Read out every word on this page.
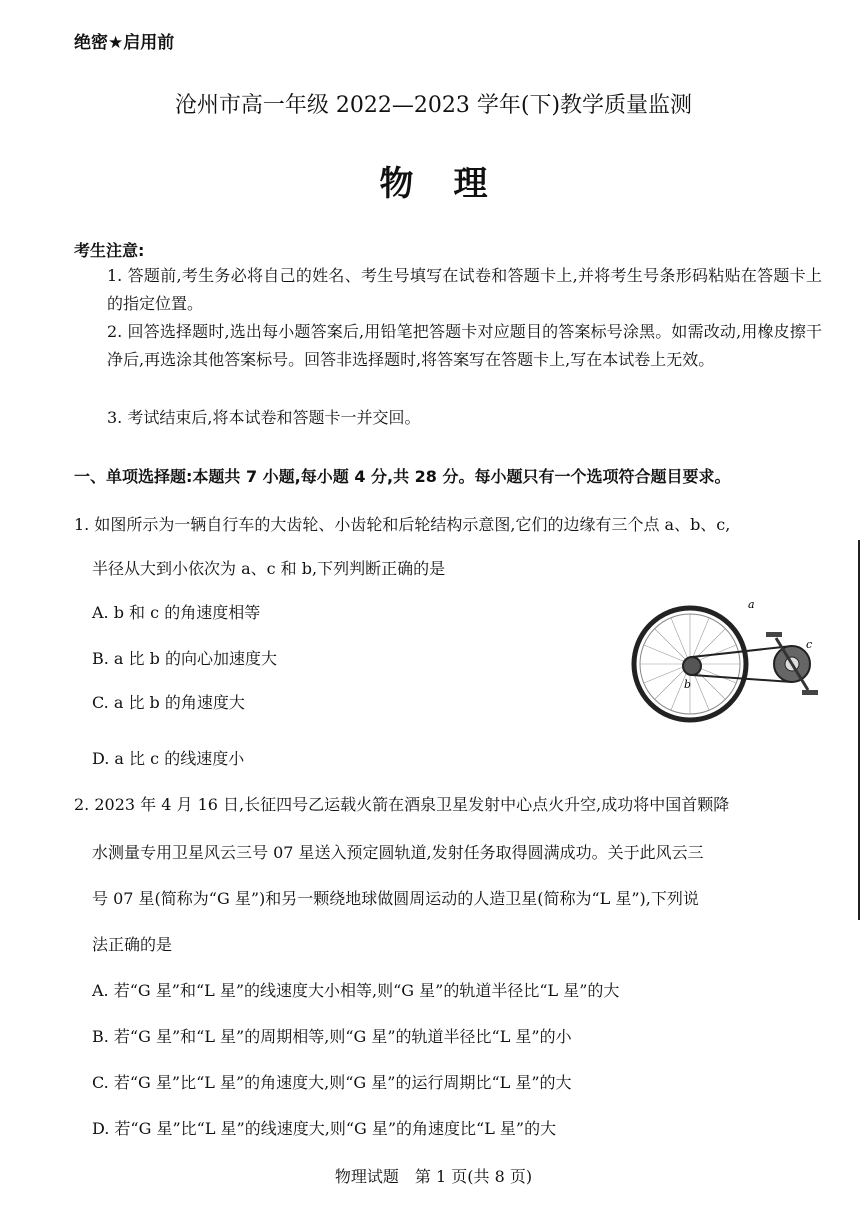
绝密★启用前
沧州市高一年级 2022—2023 学年(下)教学质量监测
物理
考生注意:
1. 答题前,考生务必将自己的姓名、考生号填写在试卷和答题卡上,并将考生号条形码粘贴在答题卡上的指定位置。
2. 回答选择题时,选出每小题答案后,用铅笔把答题卡对应题目的答案标号涂黑。如需改动,用橡皮擦干净后,再选涂其他答案标号。回答非选择题时,将答案写在答题卡上,写在本试卷上无效。
3. 考试结束后,将本试卷和答题卡一并交回。
一、单项选择题:本题共 7 小题,每小题 4 分,共 28 分。每小题只有一个选项符合题目要求。
1. 如图所示为一辆自行车的大齿轮、小齿轮和后轮结构示意图,它们的边缘有三个点 a、b、c,
半径从大到小依次为 a、c 和 b,下列判断正确的是
A. b 和 c 的角速度相等
B. a 比 b 的向心加速度大
C. a 比 b 的角速度大
D. a 比 c 的线速度小
a
b
c
2. 2023 年 4 月 16 日,长征四号乙运载火箭在酒泉卫星发射中心点火升空,成功将中国首颗降
水测量专用卫星风云三号 07 星送入预定圆轨道,发射任务取得圆满成功。关于此风云三
号 07 星(简称为“G 星”)和另一颗绕地球做圆周运动的人造卫星(简称为“L 星”),下列说
法正确的是
A. 若“G 星”和“L 星”的线速度大小相等,则“G 星”的轨道半径比“L 星”的大
B. 若“G 星”和“L 星”的周期相等,则“G 星”的轨道半径比“L 星”的小
C. 若“G 星”比“L 星”的角速度大,则“G 星”的运行周期比“L 星”的大
D. 若“G 星”比“L 星”的线速度大,则“G 星”的角速度比“L 星”的大
物理试题　第 1 页(共 8 页)
